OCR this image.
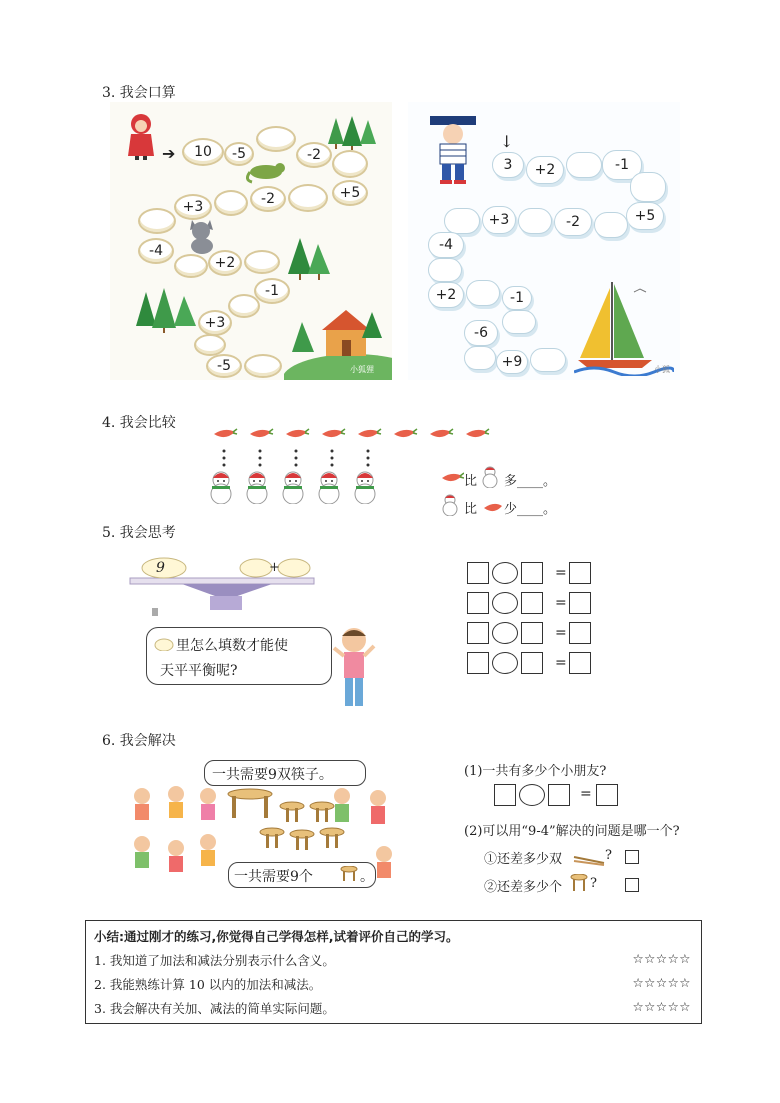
3. 我会口算
➔
小狐狸
10	-5	-2
+5
-2
+3
-4
+2
-1
+3
-5
↓
小狐
3	+2	-1
+5
-2
+3
-4
+2	-1
-6
+9
4. 我会比较
比 多____。
比 少____。
5. 我会思考
9	+
里怎么填数才能使
天平平衡呢?
=
=
=
=
6. 我会解决
一共需要9双筷子。
一共需要9个	。
(1)一共有多少个小朋友?
=
(2)可以用“9-4”解决的问题是哪一个?
①还差多少双	?
②还差多少个 ?
小结:通过刚才的练习,你觉得自己学得怎样,试着评价自己的学习。
1. 我知道了加法和减法分别表示什么含义。	☆☆☆☆☆
2. 我能熟练计算 10 以内的加法和减法。	☆☆☆☆☆
3. 我会解决有关加、减法的简单实际问题。	☆☆☆☆☆
